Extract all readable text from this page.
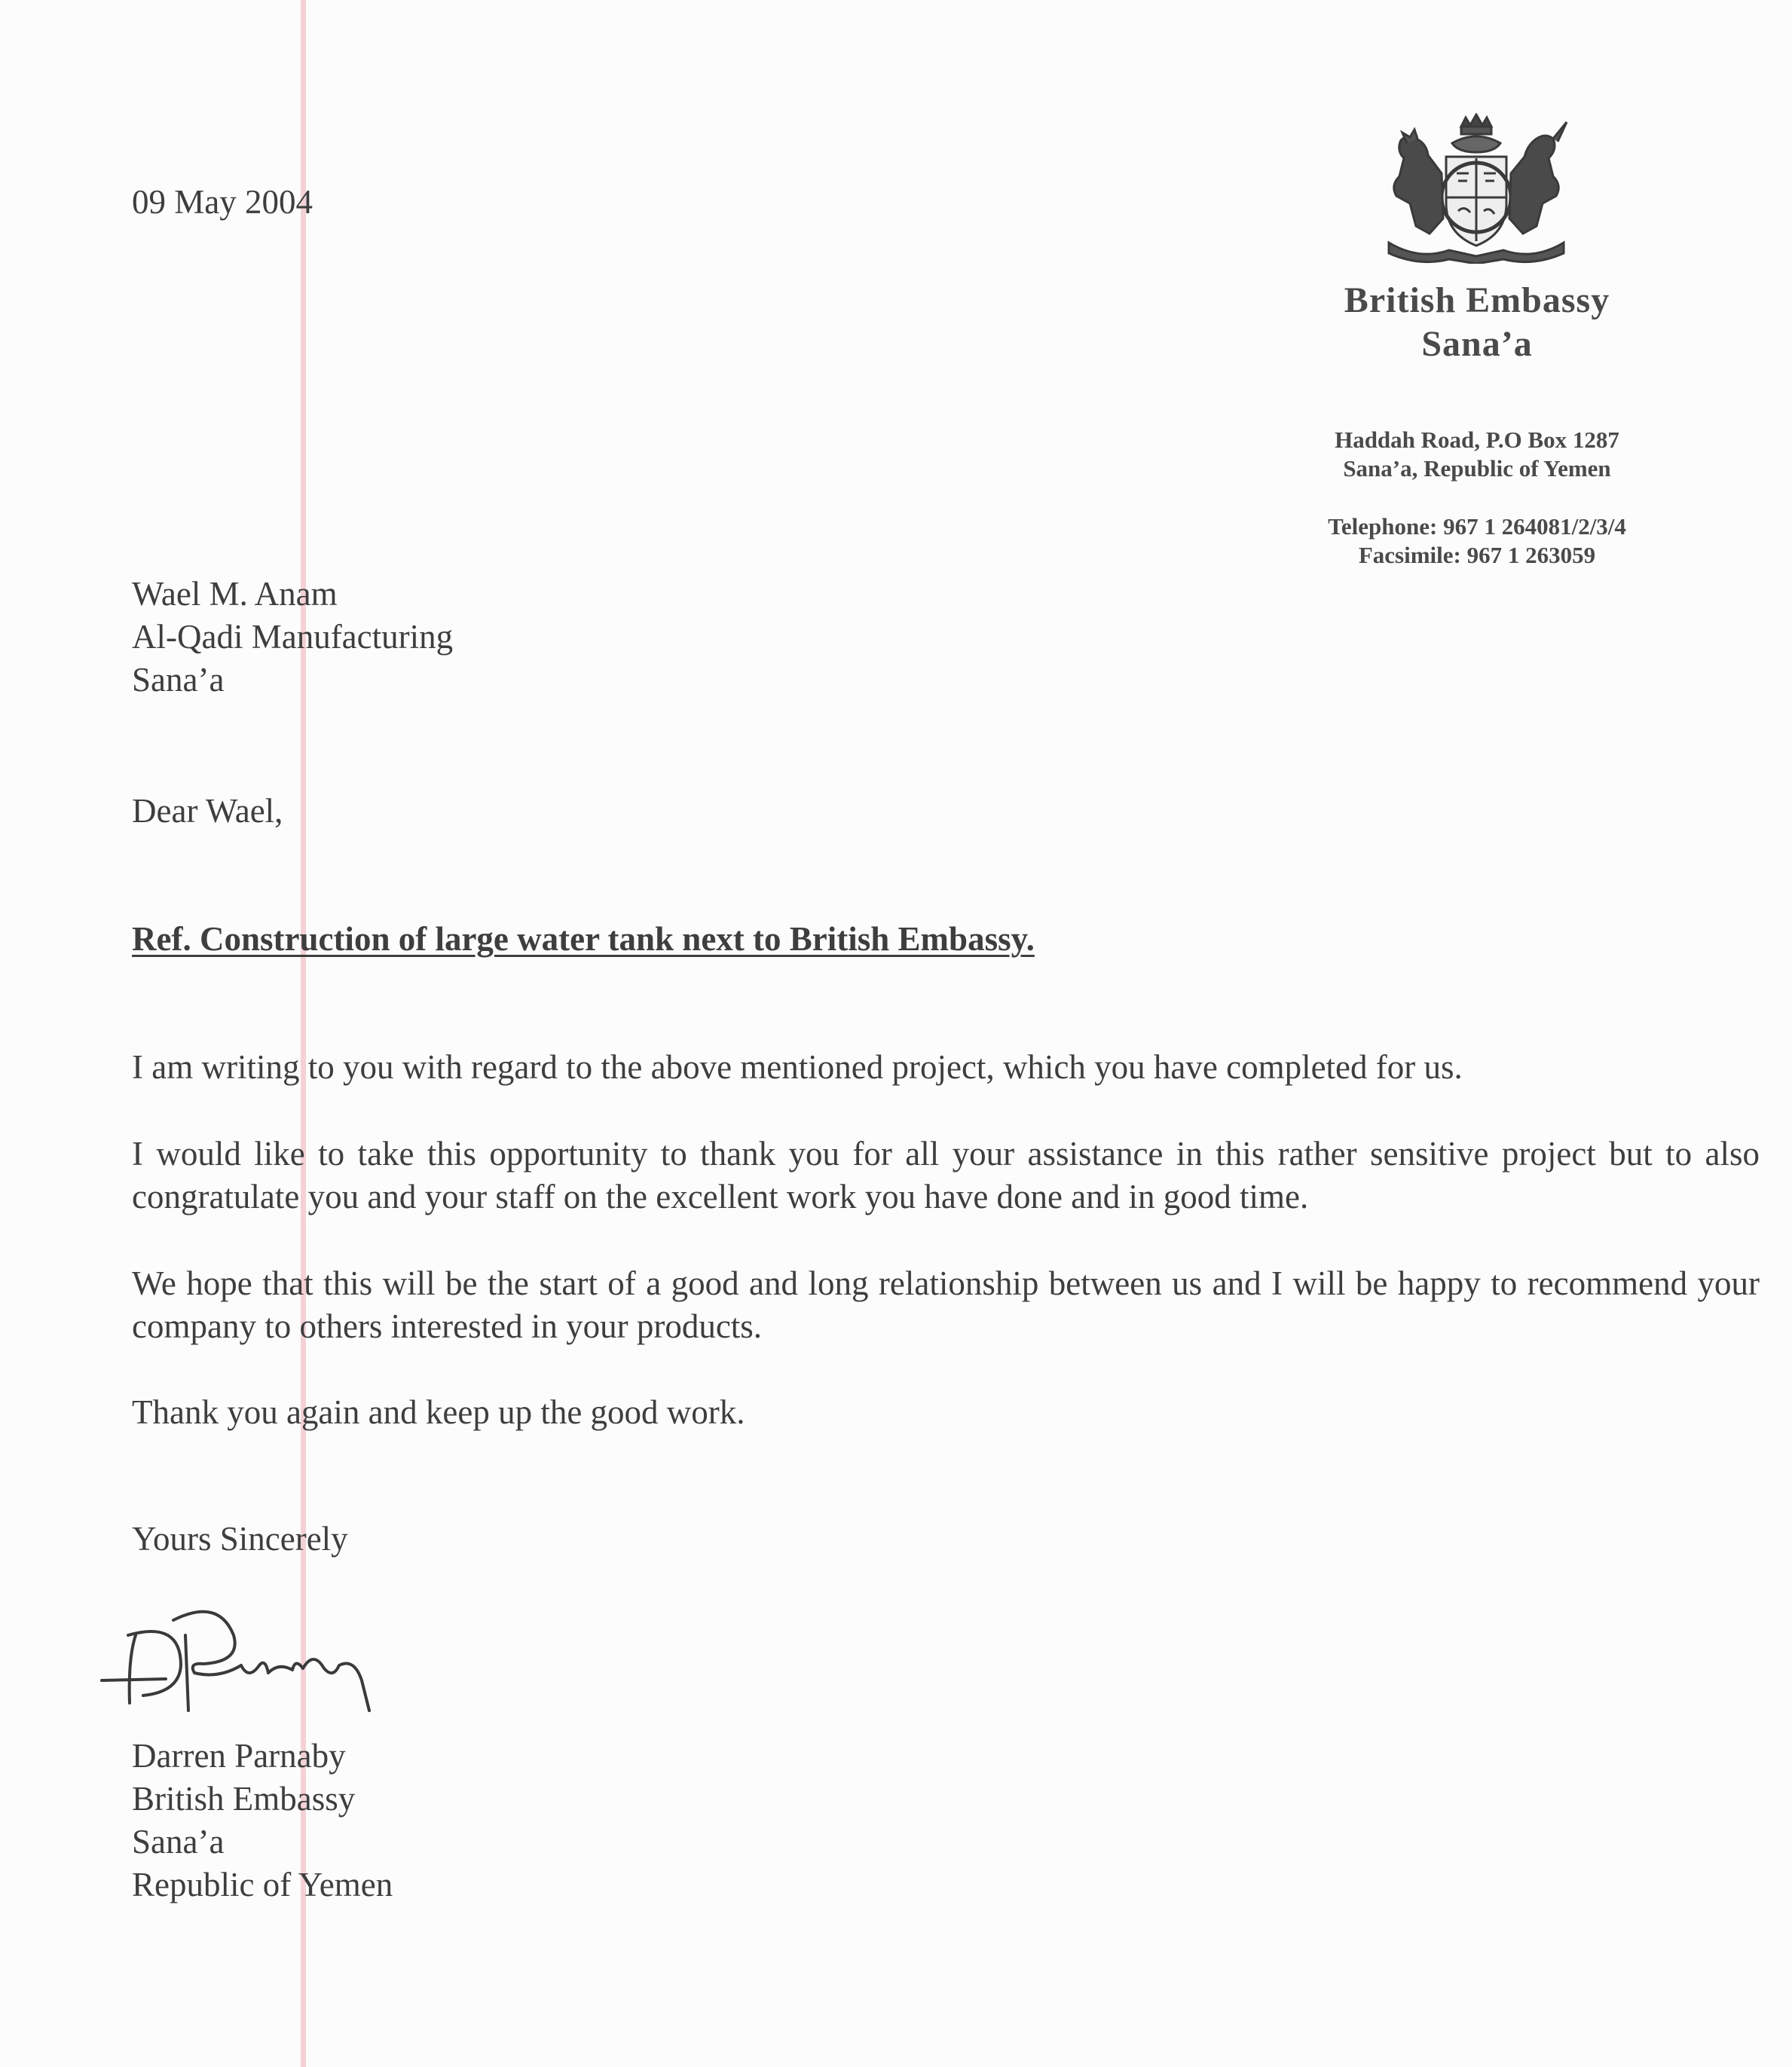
09 May 2004
British Embassy
Sana’a
Haddah Road, P.O Box 1287
Sana’a, Republic of Yemen
Telephone: 967 1 264081/2/3/4
Facsimile: 967 1 263059
Wael M. Anam
Al-Qadi Manufacturing
Sana’a
Dear Wael,
Ref. Construction of large water tank next to British Embassy.
I am writing to you with regard to the above mentioned project, which you have completed for us.
I would like to take this opportunity to thank you for all your assistance in this rather sensitive project but to also congratulate you and your staff on the excellent work you have done and in good time.
We hope that this will be the start of a good and long relationship between us and I will be happy to recommend your company to others interested in your products.
Thank you again and keep up the good work.
Yours Sincerely
Darren Parnaby
British Embassy
Sana’a
Republic of Yemen
